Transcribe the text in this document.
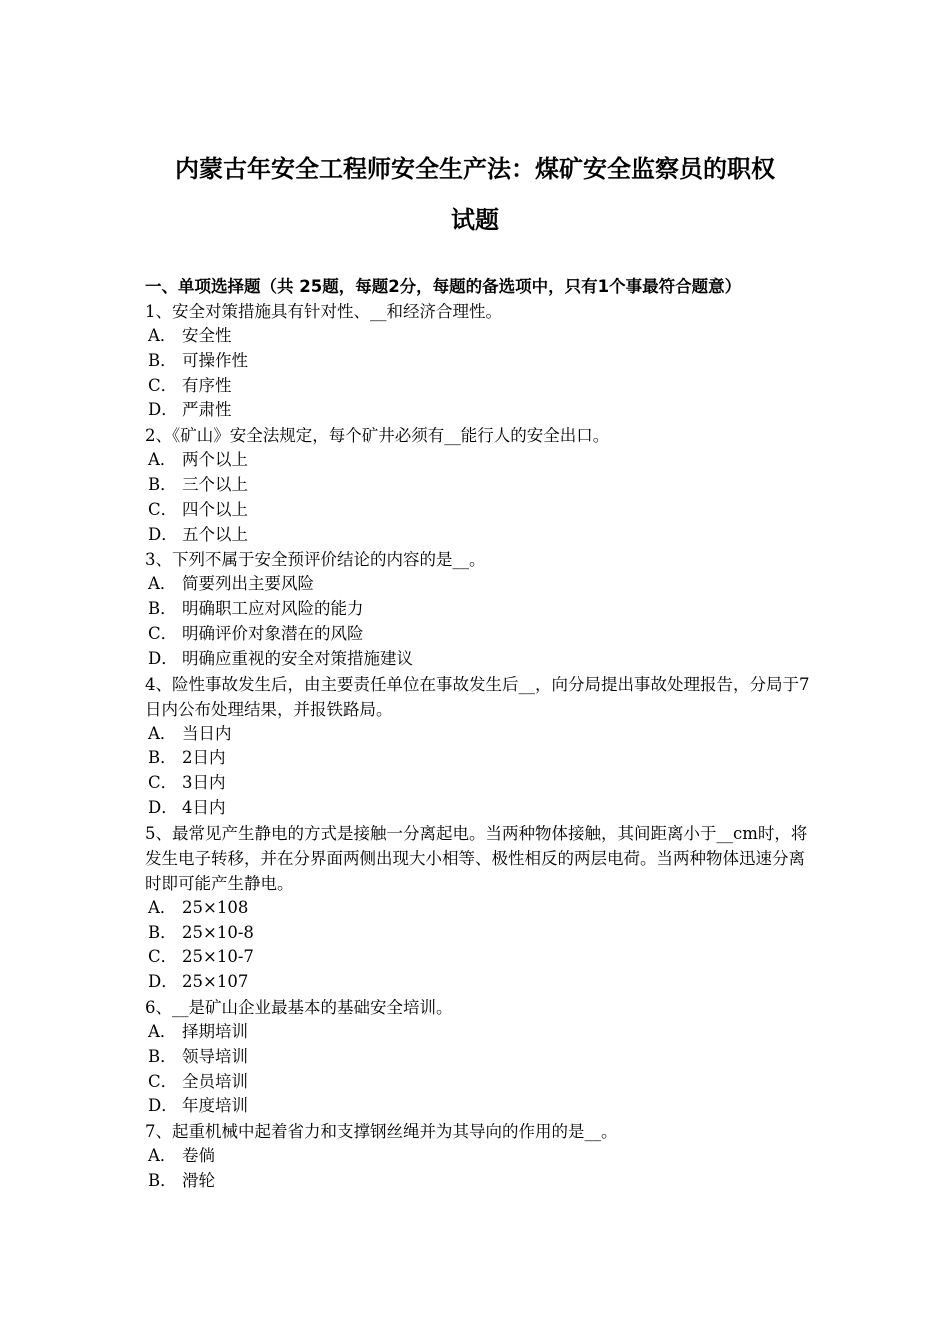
内蒙古年安全工程师安全生产法：煤矿安全监察员的职权
试题

一、单项选择题（共 25题，每题2分，每题的备选项中，只有1个事最符合题意）

1、安全对策措施具有针对性、__和经济合理性。

A． 安全性

B． 可操作性

C． 有序性

D． 严肃性

2、《矿山》安全法规定，每个矿井必须有__能行人的安全出口。

A． 两个以上

B． 三个以上

C． 四个以上

D． 五个以上

3、下列不属于安全预评价结论的内容的是__。

A． 简要列出主要风险

B． 明确职工应对风险的能力

C． 明确评价对象潜在的风险

D． 明确应重视的安全对策措施建议

4、险性事故发生后，由主要责任单位在事故发生后__，向分局提出事故处理报告，分局于7日内公布处理结果，并报铁路局。

A． 当日内

B． 2日内

C． 3日内

D． 4日内

5、最常见产生静电的方式是接触一分离起电。当两种物体接触，其间距离小于__cm时，将发生电子转移，并在分界面两侧出现大小相等、极性相反的两层电荷。当两种物体迅速分离时即可能产生静电。

A． 25×108

B． 25×10-8

C． 25×10-7

D． 25×107

6、__是矿山企业最基本的基础安全培训。

A． 择期培训

B． 领导培训

C． 全员培训

D． 年度培训

7、起重机械中起着省力和支撑钢丝绳并为其导向的作用的是__。

A． 卷倘

B． 滑轮
